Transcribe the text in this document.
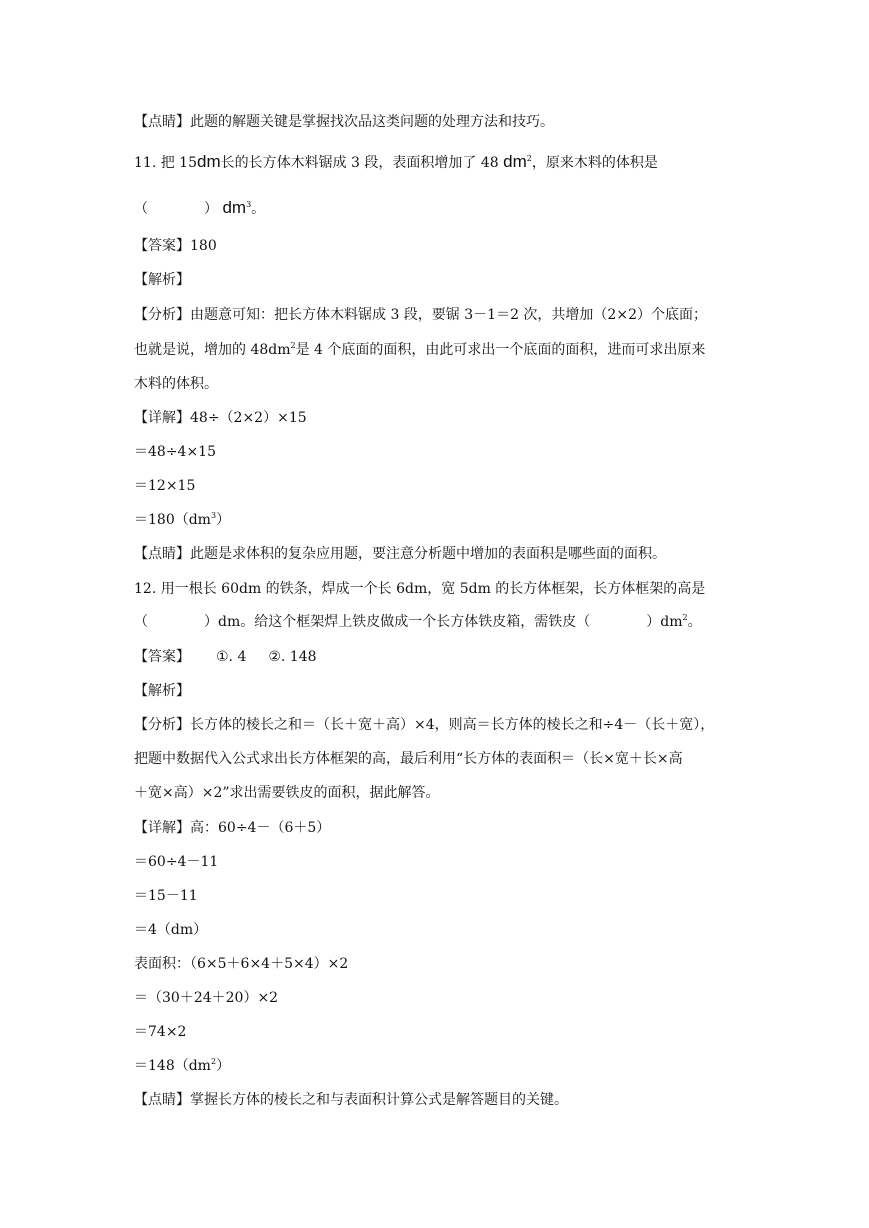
【点睛】此题的解题关键是掌握找次品这类问题的处理方法和技巧。
11. 把 15dm长的长方体木料锯成 3 段，表面积增加了 48 $dm^2$，原来木料的体积是
（	） $dm^3$。
【答案】180
【解析】
【分析】由题意可知：把长方体木料锯成 3 段，要锯 3－1＝2 次，共增加（2×2）个底面；
也就是说，增加的 $48dm^2$是 4 个底面的面积，由此可求出一个底面的面积，进而可求出原来
木料的体积。
【详解】48÷（2×2）×15
＝48÷4×15
＝12×15
$=180(dm^3)$
【点睛】此题是求体积的复杂应用题，要注意分析题中增加的表面积是哪些面的面积。
12. 用一根长 60dm 的铁条，焊成一个长 6dm，宽 5dm 的长方体框架，长方体框架的高是
（	）dm。给这个框架焊上铁皮做成一个长方体铁皮箱，需铁皮（	）$dm^2$。
【答案】 ①. 4 ②. 148
【解析】
【分析】长方体的棱长之和＝（长＋宽＋高）×4，则高＝长方体的棱长之和÷4－（长＋宽），
把题中数据代入公式求出长方体框架的高，最后利用“长方体的表面积＝（长×宽＋长×高
＋宽×高）×2”求出需要铁皮的面积，据此解答。
【详解】高：60÷4－（6＋5）
＝60÷4－11
＝15－11
＝4（dm）
表面积：（6×5＋6×4＋5×4）×2
＝（30＋24＋20）×2
＝74×2
$=148(dm^2)$
【点睛】掌握长方体的棱长之和与表面积计算公式是解答题目的关键。
